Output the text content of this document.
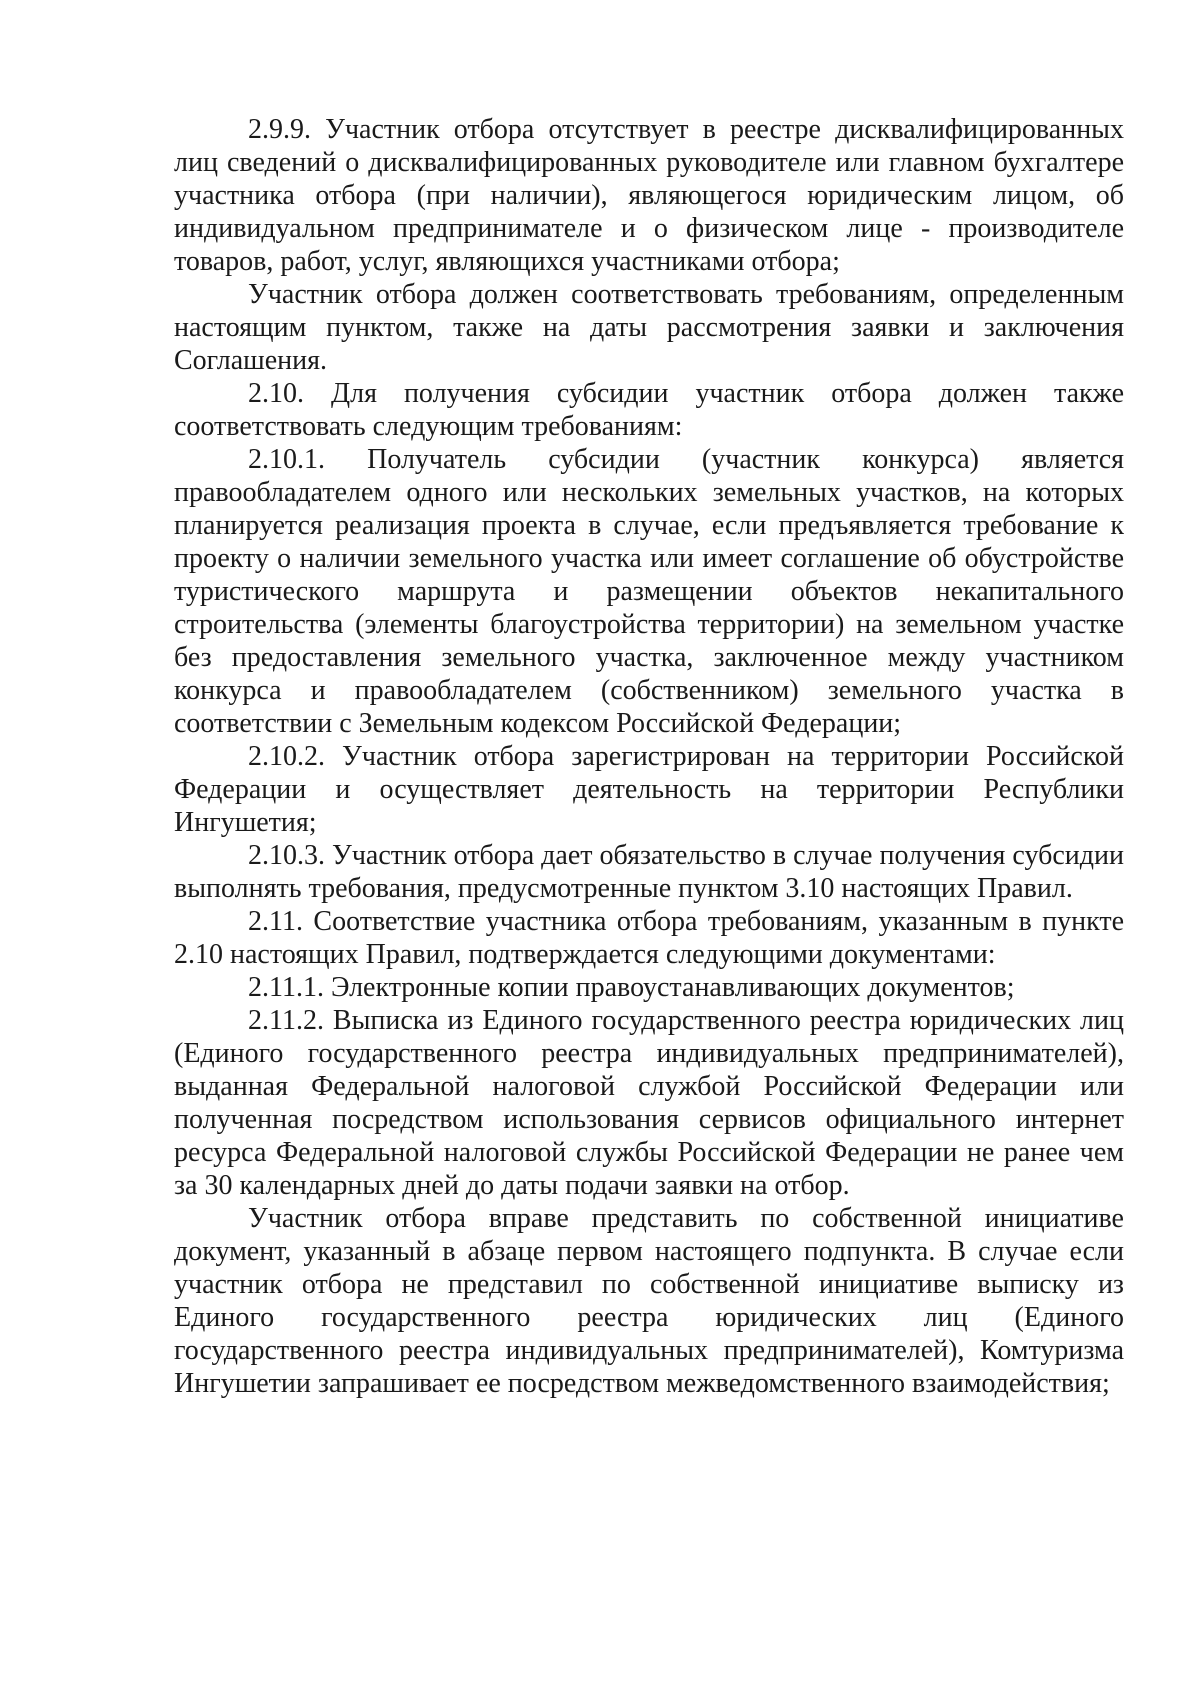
2.9.9. Участник отбора отсутствует в реестре дисквалифицированных лиц сведений о дисквалифицированных руководителе или главном бухгалтере участника отбора (при наличии), являющегося юридическим лицом, об индивидуальном предпринимателе и о физическом лице - производителе товаров, работ, услуг, являющихся участниками отбора;

Участник отбора должен соответствовать требованиям, определенным настоящим пунктом, также на даты рассмотрения заявки и заключения Соглашения.

2.10. Для получения субсидии участник отбора должен также соответствовать следующим требованиям:

2.10.1. Получатель субсидии (участник конкурса) является правообладателем одного или нескольких земельных участков, на которых планируется реализация проекта в случае, если предъявляется требование к проекту о наличии земельного участка или имеет соглашение об обустройстве туристического маршрута и размещении объектов некапитального строительства (элементы благоустройства территории) на земельном участке без предоставления земельного участка, заключенное между участником конкурса и правообладателем (собственником) земельного участка в соответствии с Земельным кодексом Российской Федерации;

2.10.2. Участник отбора зарегистрирован на территории Российской Федерации и осуществляет деятельность на территории Республики Ингушетия;

2.10.3. Участник отбора дает обязательство в случае получения субсидии выполнять требования, предусмотренные пунктом 3.10 настоящих Правил.

2.11. Соответствие участника отбора требованиям, указанным в пункте 2.10 настоящих Правил, подтверждается следующими документами:

2.11.1. Электронные копии правоустанавливающих документов;

2.11.2. Выписка из Единого государственного реестра юридических лиц (Единого государственного реестра индивидуальных предпринимателей), выданная Федеральной налоговой службой Российской Федерации или полученная посредством использования сервисов официального интернет ресурса Федеральной налоговой службы Российской Федерации не ранее чем за 30 календарных дней до даты подачи заявки на отбор.

Участник отбора вправе представить по собственной инициативе документ, указанный в абзаце первом настоящего подпункта. В случае если участник отбора не представил по собственной инициативе выписку из Единого государственного реестра юридических лиц (Единого государственного реестра индивидуальных предпринимателей), Комтуризма Ингушетии запрашивает ее посредством межведомственного взаимодействия;
